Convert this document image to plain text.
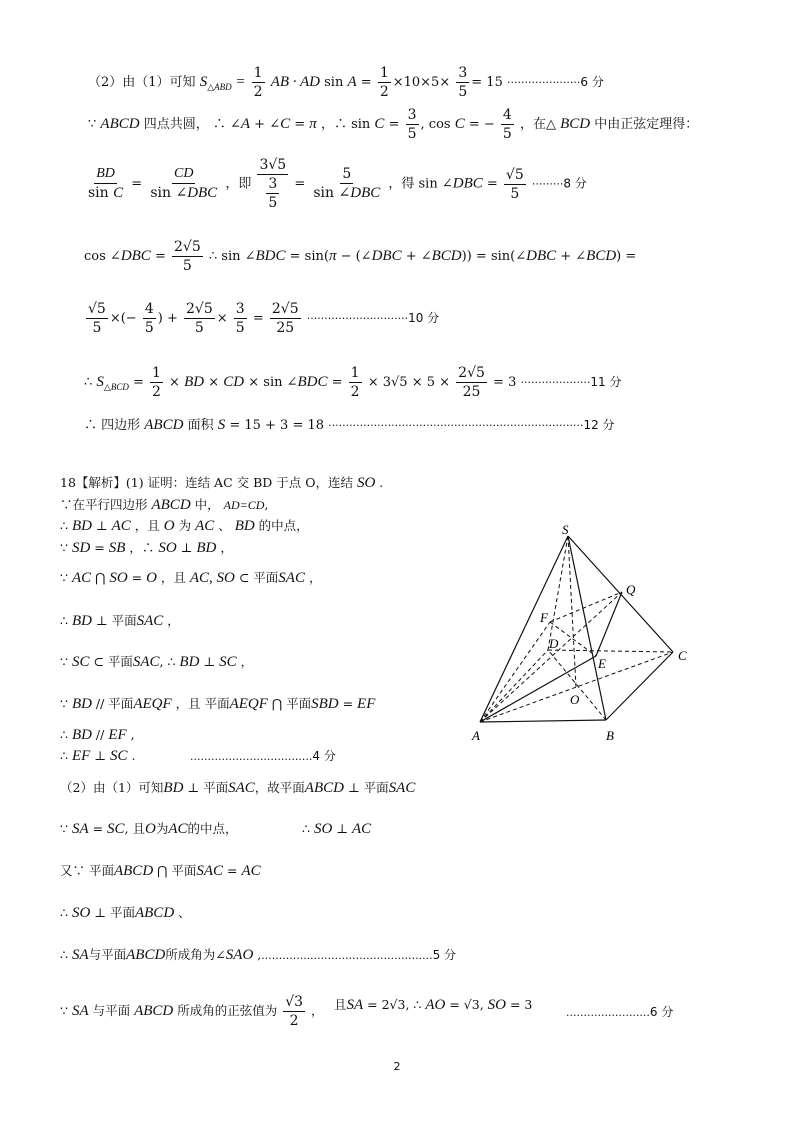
（2）由（1）可知 $S_{\triangle ABD} = \frac{1}{2}$ AB · AD $\sin A = \frac{1}{2} \times 10\times 5\times \frac{3}{5} = 15 \cdot\cdot\cdot\cdot\cdot\cdot\cdot\cdot\cdot\cdot\cdot\cdot\cdot\cdot\cdot\cdot\cdot\cdot\cdot\cdot\cdot 6$ 分
∵ ABCD 四点共圆， ∴ ∠A + ∠C = π ，∴ $\sin C = \frac{3}{5}$ , cos C = − $\frac{4}{5}$ ，在△ BCD 中由正弦定理得：
$\frac{BD}{\text{sin C}} = \frac{CD}{\text{sin ∠DBC}}$ ，即 $\frac{3√5}{\frac{3}{5}} = \frac{5}{\text{sin ∠DBC}}$ ，得 sin ∠DBC = $\frac{√5}{5} \cdot\cdot\cdot\cdot\cdot\cdot\cdot\cdot\cdot 8$ 分
cos ∠DBC = $\frac{2√5}{5}$ ∴ sin ∠BDC = sin(π − (∠DBC + ∠BCD)) = sin(∠DBC + ∠BCD) =
$\frac{√5}{5}$ ×(− $\frac{4}{5}$ ) + $\frac{2√5}{5} \times \frac{3}{5} = \frac{2√5}{25} \cdot\cdot\cdot\cdot\cdot\cdot\cdot\cdot\cdot\cdot\cdot\cdot\cdot\cdot\cdot\cdot\cdot\cdot\cdot\cdot\cdot\cdot\cdot\cdot\cdot\cdot\cdot\cdot\cdot 10$ 分
∴ $S_{\triangle BCD} = \frac{1}{2}$ × BD × CD × sin ∠BDC = $\frac{1}{2} \times 3√5 \times 5 \times \frac{2√5}{25} = 3 \cdot\cdot\cdot\cdot\cdot\cdot\cdot\cdot\cdot\cdot\cdot\cdot\cdot\cdot\cdot\cdot\cdot\cdot\cdot\cdot 11$ 分
∴ 四边形 ABCD 面积 S = 15 + 3 = 18 ·········································································12 分
18【解析】(1) 证明：连结 AC 交 BD 于点 O，连结 SO .
∵在平行四边形 ABCD 中， AD=CD,
∴ BD ⊥ AC ，且 O 为 AC 、 BD 的中点，
∵ SD = SB ，∴ SO ⊥ BD ，
∵ AC ⋂ SO = O ，且 AC, SO ⊂ 平面SAC ，
∴ BD ⊥ 平面SAC ，
∵ SC ⊂ 平面SAC, ∴ BD ⊥ SC ，
∵ BD // 平面AEQF ，且 平面AEQF ⋂ 平面SBD = EF
∴ BD // EF ,
∴ EF ⊥ SC .	...................................4 分
S
Q
F
D
E
C
O
A	B
（2）由（1）可知BD ⊥ 平面SAC，故平面ABCD ⊥ 平面SAC
∵ SA = SC, 且O为AC的中点，	∴ SO ⊥ AC
又∵ 平面ABCD ⋂ 平面SAC = AC
∴ SO ⊥ 平面ABCD 、
∴ SA与平面ABCD所成角为∠SAO ,.................................................5 分
∵ SA 与平面 ABCD 所成角的正弦值为 $\frac{√3}{2}$ ， 且SA = 2√3, ∴ AO = √3, SO = 3
........................6 分
2
